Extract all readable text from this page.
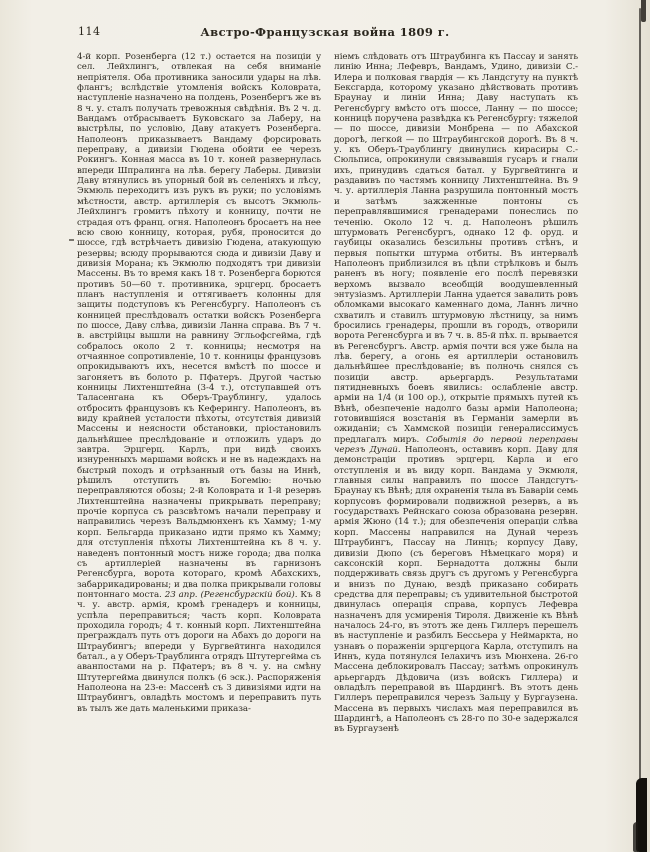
114	Австро-Французская война 1809 г.
4-й корп. Розенберга (12 т.) остается на позиціи у сел. Лейхлингъ, отвлекая на себя вниманіе непріятеля. Оба противника заносили удары на лѣв. флангъ; вслѣдствіе утомленія войскъ Коловрата, наступленіе назначено на полдень, Розенбергъ же въ 8 ч. у. сталъ получать тревожныя свѣдѣнія. Въ 2 ч. д. Вандамъ отбрасываетъ Буковскаго за Лаберу, на выстрѣлы, по условію, Даву атакуетъ Розенберга. Наполеонъ приказываетъ Вандаму форсировать переправу, а дивизіи Гюдена обойти ее черезъ Рокингъ. Конная масса въ 10 т. коней развернулась впереди Шпралинга на лѣв. берегу Лаберы. Дивизіи Даву втянулись въ упорный бой въ селеніяхъ и лѣсу, Экмюль переходитъ изъ рукъ въ руки; по условіямъ мѣстности, австр. артиллерія съ высотъ Экмюль-Лейхлингъ громитъ пѣхоту и конницу, почти не страдая отъ франц. огня. Наполеонъ бросаетъ на нее всю свою конницу, которая, рубя, проносится до шоссе, гдѣ встрѣчаетъ дивизію Гюдена, атакующую резервы; всюду прорываются сюда и дивизіи Даву и дивизія Морана; къ Экмюлю подходятъ три дивизіи Массены. Въ то время какъ 18 т. Розенберга борются противъ 50—60 т. противника, эрцгерц. бросаетъ планъ наступленія и оттягиваетъ колонны для защиты подступовъ къ Регенсбургу. Наполеонъ съ конницей преслѣдовалъ остатки войскъ Розенберга по шоссе, Даву слѣва, дивизіи Ланна справа. Въ 7 ч. в. австрійцы вышли на равнину Эгльофсгейма, гдѣ собралось около 2 т. конницы; несмотря на отчаянное сопротивленіе, 10 т. конницы французовъ опрокидываютъ ихъ, несется вмѣстѣ по шоссе и загоняетъ въ болото р. Пфатеръ. Другой частью конницы Лихтенштейна (3-4 т.), отступавшей отъ Таласенгана къ Оберъ-Траублингу, удалось отбросить французовъ къ Кеферингу. Наполеонъ, въ виду крайней усталости пѣхоты, отсутствія дивизій Массены и неясности обстановки, пріостановилъ дальнѣйшее преслѣдованіе и отложилъ ударъ до завтра. Эрцгерц. Карлъ, при видѣ своихъ изнуренныхъ маршами войскъ и не въ надеждахъ на быстрый походъ и отрѣзанный отъ базы на Иннѣ, рѣшилъ отступить въ Богемію: ночью переправляются обозы; 2-й Коловрата и 1-й резервъ Лихтенштейна назначены прикрывать переправу; прочіе корпуса съ разсвѣтомъ начали переправу и направились черезъ Вальдмюнхенъ къ Хамму; 1-му корп. Бельгарда приказано идти прямо къ Хамму; для отступленія пѣхоты Лихтенштейна къ 8 ч. у. наведенъ понтонный мостъ ниже города; два полка съ артиллеріей назначены въ гарнизонъ Регенсбурга, ворота котораго, кромѣ Абахскихъ, забаррикадированы; и два полка прикрывали головы понтоннаго моста. 23 апр. (Регенсбургскій бой). Къ 8 ч. у. австр. армія, кромѣ гренадеръ и конницы, успѣла переправиться; часть корп. Коловрата проходила городъ; 4 т. конный корп. Лихтенштейна преграждалъ путь отъ дороги на Абахъ до дороги на Штраубингъ; впереди у Бургвейтинга находился батал., а у Оберъ-Траублинга отрядъ Штутергейма съ аванпостами на р. Пфатеръ; въ 8 ч. у. на смѣну Штутергейма двинулся полкъ (6 эск.). Распоряженія Наполеона на 23-е: Массенѣ съ 3 дивизіями идти на Штраубингъ, овладѣть мостомъ и переправить путь въ тылъ же дать маленькими приказа-
ніемъ слѣдовать отъ Штраубинга къ Пассау и занять линію Инна; Лефевръ, Вандамъ, Удино, дивизіи С.-Илера и полковая гвардія — къ Ландсгуту на пунктѣ Бексгарда, которому указано дѣйствовать противъ Браунау и линіи Инна; Даву наступать къ Регенсбургу вмѣсто отъ шоссе, Ланну — по шоссе; конницѣ поручена развѣдка къ Регенсбургу: тяжелой — по шоссе, дивизіи Монбрена — по Абахской дорогѣ, легкой — по Штраубингской дорогѣ. Въ 8 ч. у. къ Оберъ-Траублингу двинулись кирасиры С.-Сюльписа, опрокинули связывавшія гусаръ и гнали ихъ, принудивъ сдаться батал. у Бургвейтинга и раздавивъ по частямъ конницу Лихтенштейна. Въ 9 ч. у. артиллерія Ланна разрушила понтонный мостъ и затѣмъ зажженные понтоны съ переправлявшимися гренадерами понеслись по теченію. Около 12 ч. д. Наполеонъ рѣшилъ штурмовать Регенсбургъ, однако 12 ф. оруд. и гаубицы оказались безсильны противъ стѣнъ, и первыя попытки штурма отбиты. Въ интервалѣ Наполеонъ приблизился въ цѣпи стрѣлковъ и былъ раненъ въ ногу; появленіе его послѣ перевязки верхомъ вызвало всеобщій воодушевленный энтузіазмъ. Артиллеріи Ланна удается завалить ровъ обломками высокаго каменнаго дома, Ланнъ лично схватилъ и ставилъ штурмовую лѣстницу, за нимъ бросились гренадеры, прошли въ городъ, отворили ворота Регенсбурга и въ 7 ч. в. 85-й пѣх. п. врывается въ Регенсбургъ. Австр. армія почти вся уже была на лѣв. берегу, а огонь ея артиллеріи остановилъ дальнѣйшее преслѣдованіе; въ полночь снялся съ позиціи австр. арьергардъ. Результатами пятидневныхъ боевъ явились: ослабленіе австр. арміи на 1/4 (и 100 ор.), открытіе прямыхъ путей къ Вѣнѣ, обезпеченіе надолго базы арміи Наполеона; готовившіяся возстанія въ Германіи замерли въ ожиданіи; съ Хаммской позиціи генералиссимусъ предлагалъ миръ. Событія до первой переправы черезъ Дунай. Наполеонъ, оставивъ корп. Даву для демонстраціи противъ эрцгерц. Карла и его отступленія и въ виду корп. Вандама у Экмюля, главныя силы направилъ по шоссе Ландсгутъ-Браунау къ Вѣнѣ; для охраненія тыла въ Баваріи семь корпусовъ формировали подвижной резервъ, а въ государствахъ Рейнскаго союза образована резервн. армія Жюно (14 т.); для обезпеченія операціи слѣва корп. Массены направился на Дунай черезъ Штраубингъ, Пассау на Линцъ; корпусу Даву, дивизіи Дюпо (съ береговъ Нѣмецкаго моря) и саксонскій корп. Бернадотта должны были поддерживать связь другъ съ другомъ у Регенсбурга и внизъ по Дунаю, вездѣ приказано собирать средства для переправы; съ удивительной быстротой двинулась операція справа, корпусъ Лефевра назначенъ для усмиренія Тироля. Движеніе къ Вѣнѣ началось 24-го, въ этотъ же день Гиллеръ перешелъ въ наступленіе и разбилъ Бессьера у Неймаркта, но узнавъ о пораженіи эрцгерцога Карла, отступилъ на Иннъ, куда потянулся Іелахичъ изъ Мюнхена. 26-го Массена деблокировалъ Пассау; затѣмъ опрокинулъ арьергардъ Дѣдовича (изъ войскъ Гиллера) и овладѣлъ переправой въ Шардингѣ. Въ этотъ день Гиллеръ переправился черезъ Зальцу у Бургаузена. Массена въ первыхъ числахъ мая переправился въ Шардингѣ, а Наполеонъ съ 28-го по 30-е задержался въ Бургаузенѣ
